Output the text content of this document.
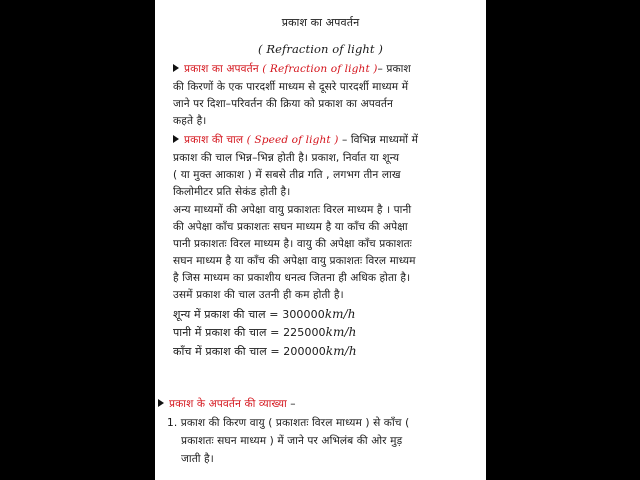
प्रकाश का अपवर्तन
( Refraction of light )
प्रकाश का अपवर्तन ( Refraction of light )– प्रकाश
की किरणों के एक पारदर्शी माध्यम से दूसरे पारदर्शी माध्यम में
जाने पर दिशा–परिवर्तन की क्रिया को प्रकाश का अपवर्तन
कहते है।
प्रकाश की चाल ( Speed of light ) – विभिन्न माध्यमों में
प्रकाश की चाल भिन्न–भिन्न होती है। प्रकाश, निर्वात या शून्य
( या मुक्त आकाश ) में सबसे तीव्र गति , लगभग तीन लाख
किलोमीटर प्रति सेकंड होती है।
अन्य माध्यमों की अपेक्षा वायु प्रकाशतः विरल माध्यम है । पानी
की अपेक्षा काँच प्रकाशतः सघन माध्यम है या काँच की अपेक्षा
पानी प्रकाशतः विरल माध्यम है। वायु की अपेक्षा काँच प्रकाशतः
सघन माध्यम है या काँच की अपेक्षा वायु प्रकाशतः विरल माध्यम
है जिस माध्यम का प्रकाशीय धनत्व जितना ही अधिक होता है।
उसमें प्रकाश की चाल उतनी ही कम होती है।
शून्य में प्रकाश की चाल = 300000km/h
पानी में प्रकाश की चाल = 225000km/h
काँच में प्रकाश की चाल = 200000km/h
प्रकाश के अपवर्तन की व्याख्या –
1. प्रकाश की किरण वायु ( प्रकाशतः विरल माध्यम ) से काँच (
प्रकाशतः सघन माध्यम ) में जाने पर अभिलंब की ओर मुड़
जाती है।
